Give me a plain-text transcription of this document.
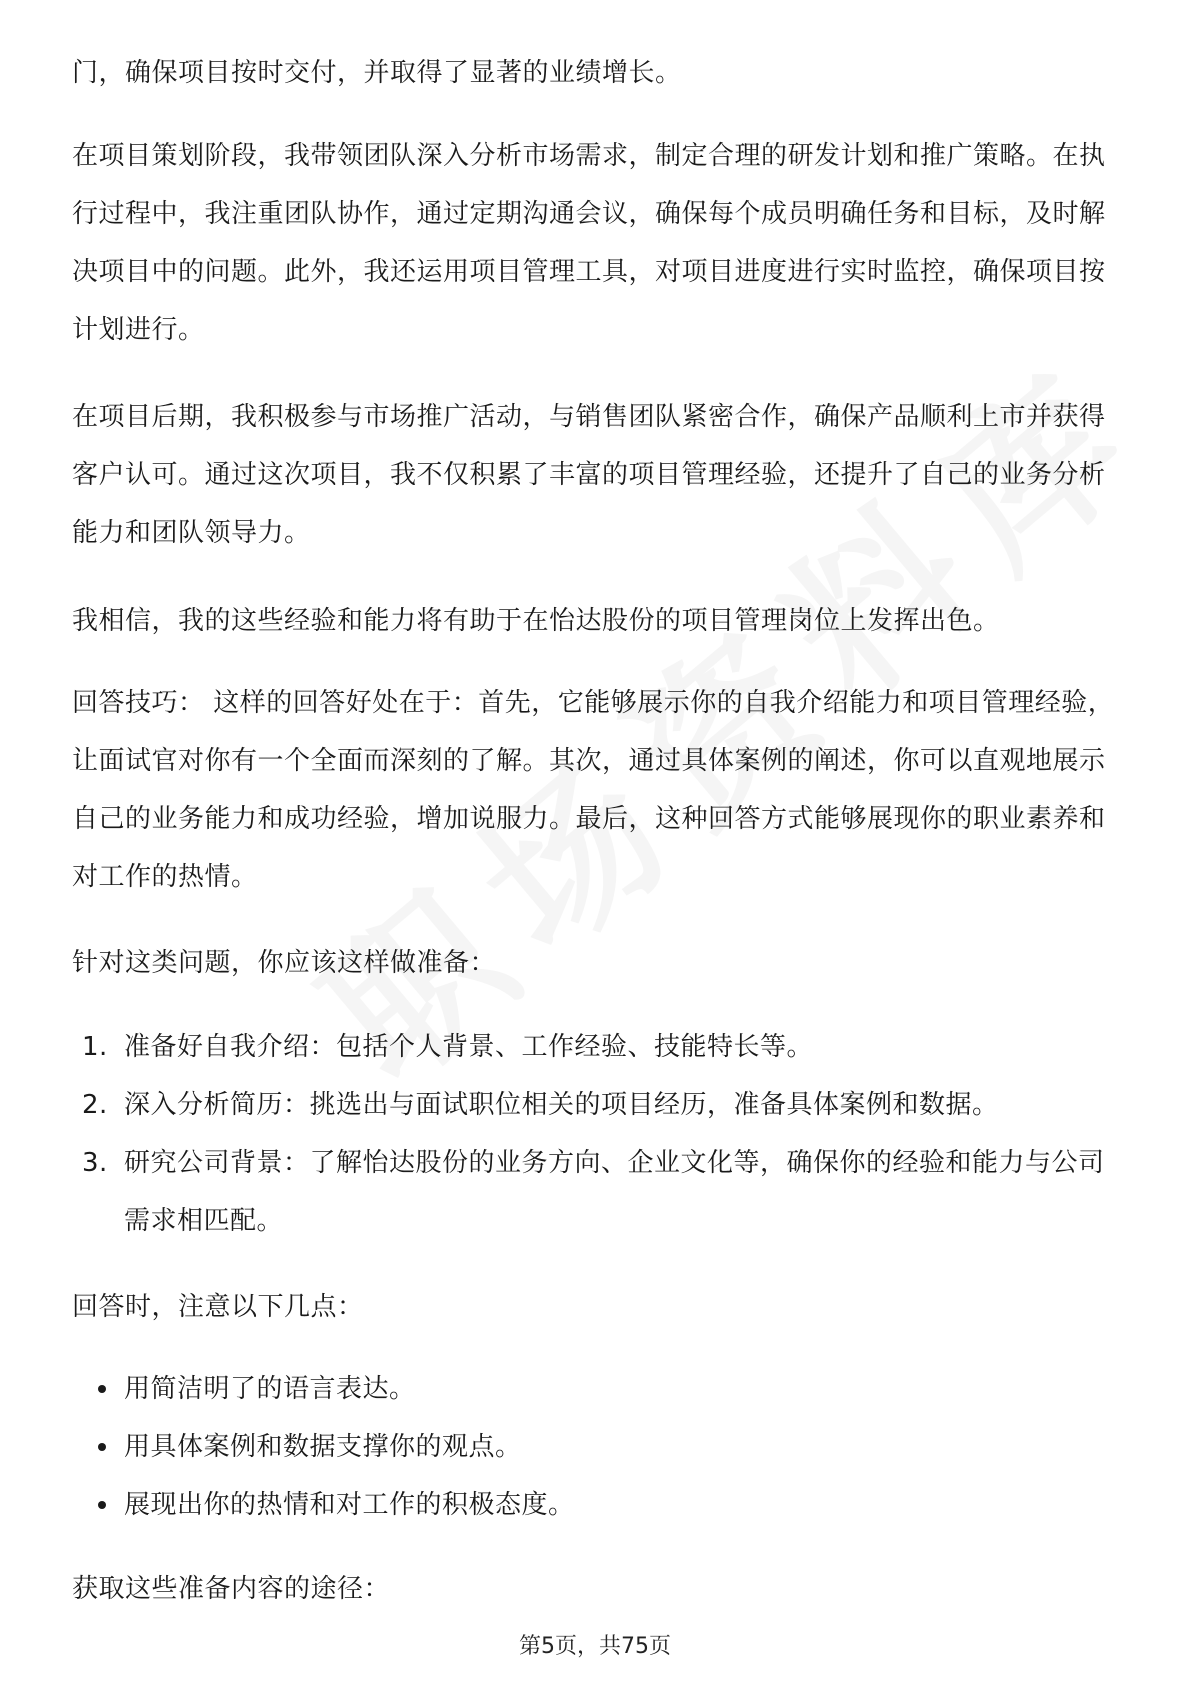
门，确保项目按时交付，并取得了显著的业绩增长。

在项目策划阶段，我带领团队深入分析市场需求，制定合理的研发计划和推广策略。在执行过程中，我注重团队协作，通过定期沟通会议，确保每个成员明确任务和目标，及时解决项目中的问题。此外，我还运用项目管理工具，对项目进度进行实时监控，确保项目按计划进行。

在项目后期，我积极参与市场推广活动，与销售团队紧密合作，确保产品顺利上市并获得客户认可。通过这次项目，我不仅积累了丰富的项目管理经验，还提升了自己的业务分析能力和团队领导力。

我相信，我的这些经验和能力将有助于在怡达股份的项目管理岗位上发挥出色。

回答技巧： 这样的回答好处在于：首先，它能够展示你的自我介绍能力和项目管理经验，让面试官对你有一个全面而深刻的了解。其次，通过具体案例的阐述，你可以直观地展示自己的业务能力和成功经验，增加说服力。最后，这种回答方式能够展现你的职业素养和对工作的热情。

针对这类问题，你应该这样做准备：

1. 准备好自我介绍：包括个人背景、工作经验、技能特长等。
2. 深入分析简历：挑选出与面试职位相关的项目经历，准备具体案例和数据。
3. 研究公司背景：了解怡达股份的业务方向、企业文化等，确保你的经验和能力与公司需求相匹配。

回答时，注意以下几点：

用简洁明了的语言表达。
用具体案例和数据支撑你的观点。
展现出你的热情和对工作的积极态度。

获取这些准备内容的途径：

第5页，共75页
